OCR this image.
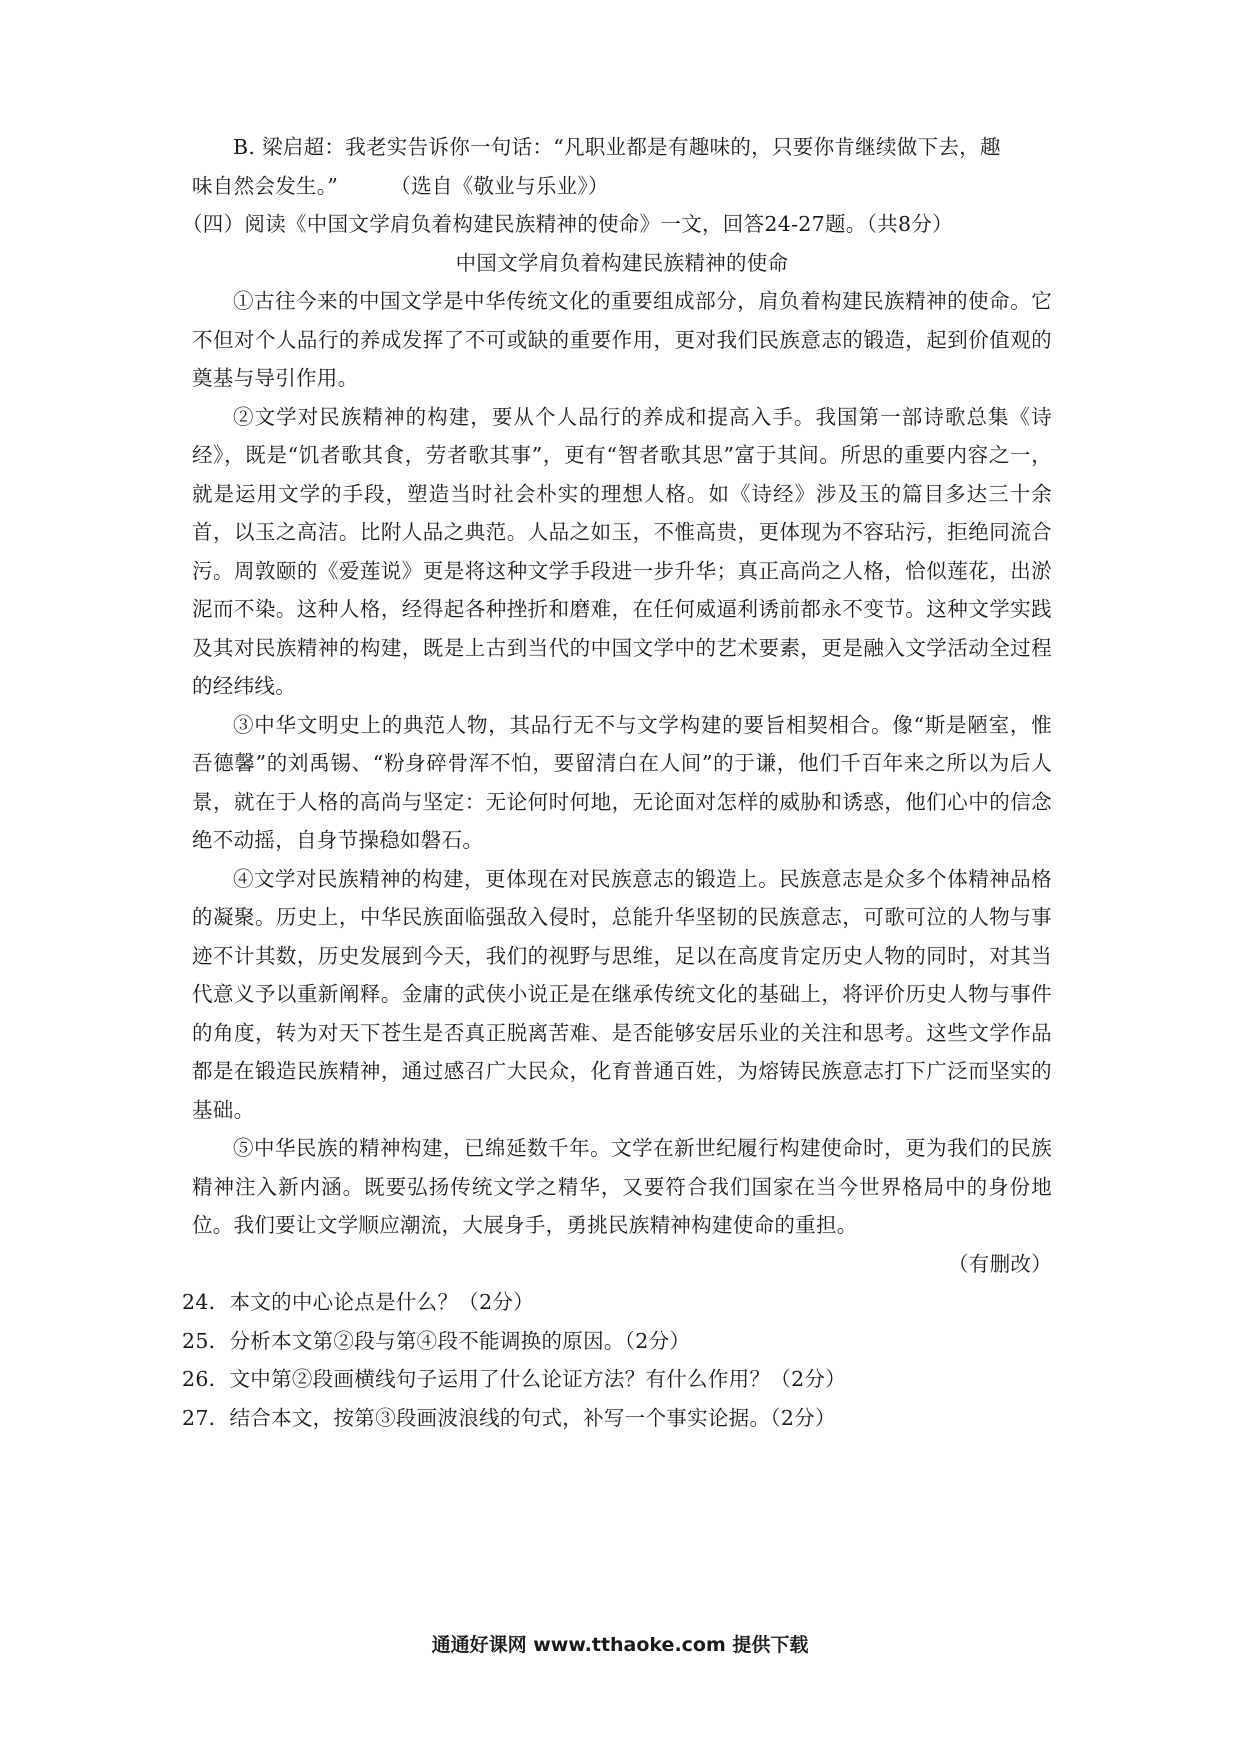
B. 梁启超：我老实告诉你一句话：“凡职业都是有趣味的，只要你肯继续做下去，趣

味自然会发生。”　　　（选自《敬业与乐业》）

（四）阅读《中国文学肩负着构建民族精神的使命》一文，回答24-27题。（共8分）

中国文学肩负着构建民族精神的使命

①古往今来的中国文学是中华传统文化的重要组成部分，肩负着构建民族精神的使命。它不但对个人品行的养成发挥了不可或缺的重要作用，更对我们民族意志的锻造，起到价值观的奠基与导引作用。

②文学对民族精神的构建，要从个人品行的养成和提高入手。我国第一部诗歌总集《诗经》，既是“饥者歌其食，劳者歌其事”，更有“智者歌其思”富于其间。所思的重要内容之一，就是运用文学的手段，塑造当时社会朴实的理想人格。如《诗经》涉及玉的篇目多达三十余首，以玉之高洁。比附人品之典范。人品之如玉，不惟高贵，更体现为不容玷污，拒绝同流合污。周敦颐的《爱莲说》更是将这种文学手段进一步升华；真正高尚之人格，恰似莲花，出淤泥而不染。这种人格，经得起各种挫折和磨难，在任何威逼利诱前都永不变节。这种文学实践及其对民族精神的构建，既是上古到当代的中国文学中的艺术要素，更是融入文学活动全过程的经纬线。

③中华文明史上的典范人物，其品行无不与文学构建的要旨相契相合。像“斯是陋室，惟吾德馨”的刘禹锡、“粉身碎骨浑不怕，要留清白在人间”的于谦，他们千百年来之所以为后人景，就在于人格的高尚与坚定：无论何时何地，无论面对怎样的威胁和诱惑，他们心中的信念绝不动摇，自身节操稳如磐石。

④文学对民族精神的构建，更体现在对民族意志的锻造上。民族意志是众多个体精神品格的凝聚。历史上，中华民族面临强敌入侵时，总能升华坚韧的民族意志，可歌可泣的人物与事迹不计其数，历史发展到今天，我们的视野与思维，足以在高度肯定历史人物的同时，对其当代意义予以重新阐释。金庸的武侠小说正是在继承传统文化的基础上，将评价历史人物与事件的角度，转为对天下苍生是否真正脱离苦难、是否能够安居乐业的关注和思考。这些文学作品都是在锻造民族精神，通过感召广大民众，化育普通百姓，为熔铸民族意志打下广泛而坚实的基础。

⑤中华民族的精神构建，已绵延数千年。文学在新世纪履行构建使命时，更为我们的民族精神注入新内涵。既要弘扬传统文学之精华，又要符合我们国家在当今世界格局中的身份地位。我们要让文学顺应潮流，大展身手，勇挑民族精神构建使命的重担。

（有删改）

24．本文的中心论点是什么？（2分）

25．分析本文第②段与第④段不能调换的原因。（2分）

26．文中第②段画横线句子运用了什么论证方法？有什么作用？（2分）

27．结合本文，按第③段画波浪线的句式，补写一个事实论据。（2分）

通通好课网 www.tthaoke.com 提供下载
